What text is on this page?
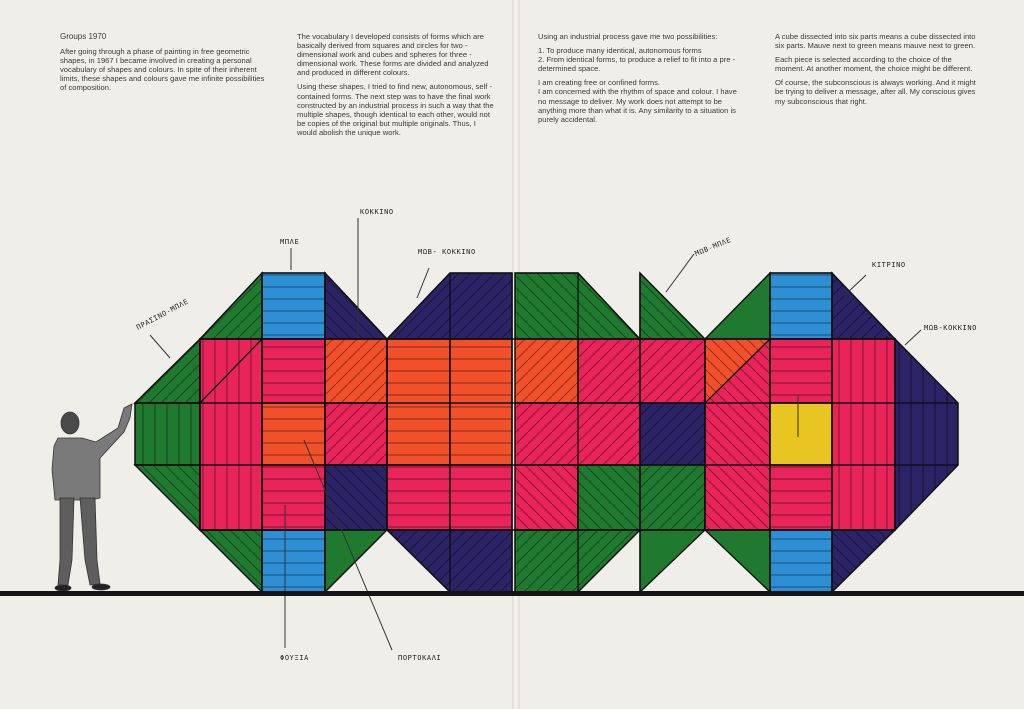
Groups 1970

After going through a phase of painting in free geometric shapes, in 1967 I became involved in creating a personal vocabulary of shapes and colours. In spite of their inherent limits, these shapes and colours gave me infinite possibilities of composition.

The vocabulary I developed consists of forms which are basically derived from squares and circles for two - dimensional work and cubes and spheres for three - dimensional work. These forms are divided and analyzed and produced in different colours.

Using these shapes, I tried to find new, autonomous, self - contained forms. The next step was to have the final work constructed by an industrial process in such a way that the multiple shapes, though identical to each other, would not be copies of the original but multiple originals. Thus, I would abolish the unique work.

Using an industrial process gave me two possibilities:

1. To produce many identical, autonomous forms
2. From identical forms, to produce a relief to fit into a pre - determined space.

I am creating free or confined forms.
I am concerned with the rhythm of space and colour. I have no message to deliver. My work does not attempt to be anything more than what it is. Any similarity to a situation is purely accidental.

A cube dissected into six parts means a cube dissected into six parts. Mauve next to green means mauve next to green.

Each piece is selected according to the choice of the moment. At another moment, the choice might be different.

Of course, the subconscious is always working. And it might be trying to deliver a message, after all. My conscious gives my subconscious that right.

ΠΡΑΣΙΝΟ-ΜΠΛΕ
ΜΠΛΕ
ΚΟΚΚΙΝΟ
ΜΩΒ- ΚΟΚΚΙΝΟ	ΜΩΒ-ΜΠΛΕ
ΚΙΤΡΙΝΟ
ΜΩΒ-ΚΟΚΚΙΝΟ
ΦΟΥΞΙΑ	ΠΟΡΤΟΚΑΛΙ
